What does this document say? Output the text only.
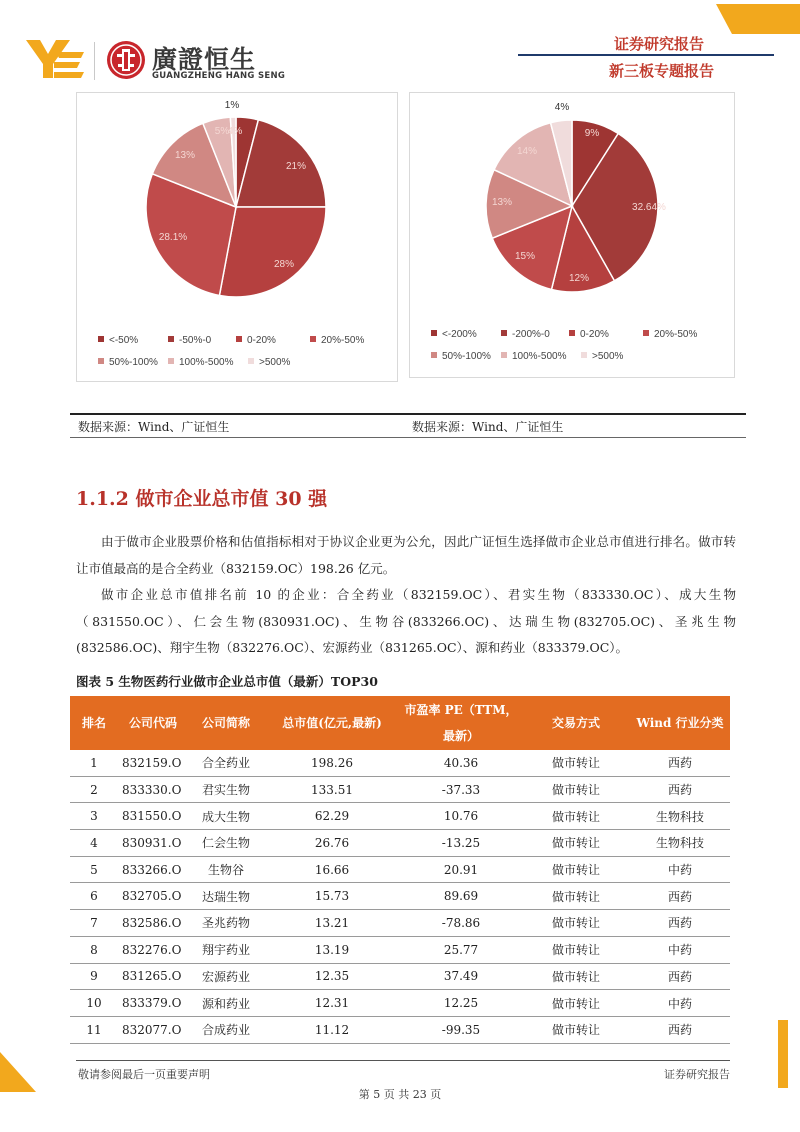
廣證恒生
GUANGZHENG HANG SENG
证券研究报告
新三板专题报告
4%
21%
28%
28.1%
13%
5%
1%
<-50%	-50%-0	0-20%	20%-50%
50%-100%	100%-500%	>500%
9%
32.64%
12%
15%
13%
14%
4%
<-200%	-200%-0	0-20%	20%-50%
50%-100%	100%-500%	>500%
数据来源：Wind、广证恒生	数据来源：Wind、广证恒生
1.1.2 做市企业总市值 30 强
由于做市企业股票价格和估值指标相对于协议企业更为公允，因此广证恒生选择做市企业总市值进行排名。做市转让市值最高的是合全药业（832159.OC）198.26 亿元。
做市企业总市值排名前 10 的企业：合全药业（832159.OC）、君实生物（833330.OC）、成大生物（831550.OC）、仁会生物(830931.OC)、生物谷(833266.OC)、达瑞生物(832705.OC)、圣兆生物(832586.OC)、翔宇生物（832276.OC）、宏源药业（831265.OC）、源和药业（833379.OC）。
图表 5 生物医药行业做市企业总市值（最新）TOP30
排名	公司代码	公司简称	总市值(亿元,最新)	市盈率 PE（TTM，最新）	交易方式	Wind 行业分类
1	832159.O	合全药业	198.26	40.36	做市转让	西药
2	833330.O	君实生物	133.51	-37.33	做市转让	西药
3	831550.O	成大生物	62.29	10.76	做市转让	生物科技
4	830931.O	仁会生物	26.76	-13.25	做市转让	生物科技
5	833266.O	生物谷	16.66	20.91	做市转让	中药
6	832705.O	达瑞生物	15.73	89.69	做市转让	西药
7	832586.O	圣兆药物	13.21	-78.86	做市转让	西药
8	832276.O	翔宇药业	13.19	25.77	做市转让	中药
9	831265.O	宏源药业	12.35	37.49	做市转让	西药
10	833379.O	源和药业	12.31	12.25	做市转让	中药
11	832077.O	合成药业	11.12	-99.35	做市转让	西药
敬请参阅最后一页重要声明	证券研究报告
第 5 页 共 23 页
